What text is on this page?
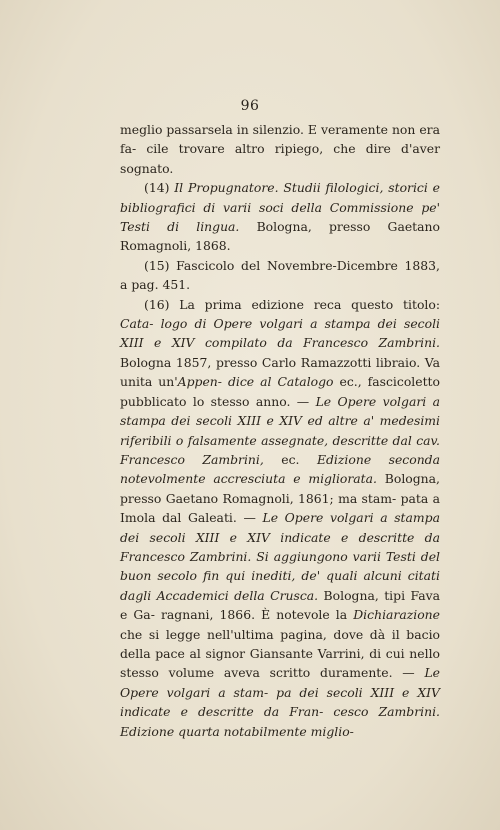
96

meglio passarsela in silenzio. E veramente non era fa- cile trovare altro ripiego, che dire d'aver sognato.

(14) Il Propugnatore. Studii filologici, storici e bibliografici di varii soci della Commissione pe' Testi di lingua. Bologna, presso Gaetano Romagnoli, 1868.

(15) Fascicolo del Novembre-Dicembre 1883, a pag. 451.

(16) La prima edizione reca questo titolo: Cata- logo di Opere volgari a stampa dei secoli XIII e XIV compilato da Francesco Zambrini. Bologna 1857, presso Carlo Ramazzotti libraio. Va unita un'Appen- dice al Catalogo ec., fascicoletto pubblicato lo stesso anno. — Le Opere volgari a stampa dei secoli XIII e XIV ed altre a' medesimi riferibili o falsamente assegnate, descritte dal cav. Francesco Zambrini, ec. Edizione seconda notevolmente accresciuta e migliorata. Bologna, presso Gaetano Romagnoli, 1861; ma stam- pata a Imola dal Galeati. — Le Opere volgari a stampa dei secoli XIII e XIV indicate e descritte da Francesco Zambrini. Si aggiungono varii Testi del buon secolo fin qui inediti, de' quali alcuni citati dagli Accademici della Crusca. Bologna, tipi Fava e Ga- ragnani, 1866. È notevole la Dichiarazione che si legge nell'ultima pagina, dove dà il bacio della pace al signor Giansante Varrini, di cui nello stesso volume aveva scritto duramente. — Le Opere volgari a stam- pa dei secoli XIII e XIV indicate e descritte da Fran- cesco Zambrini. Edizione quarta notabilmente miglio-
